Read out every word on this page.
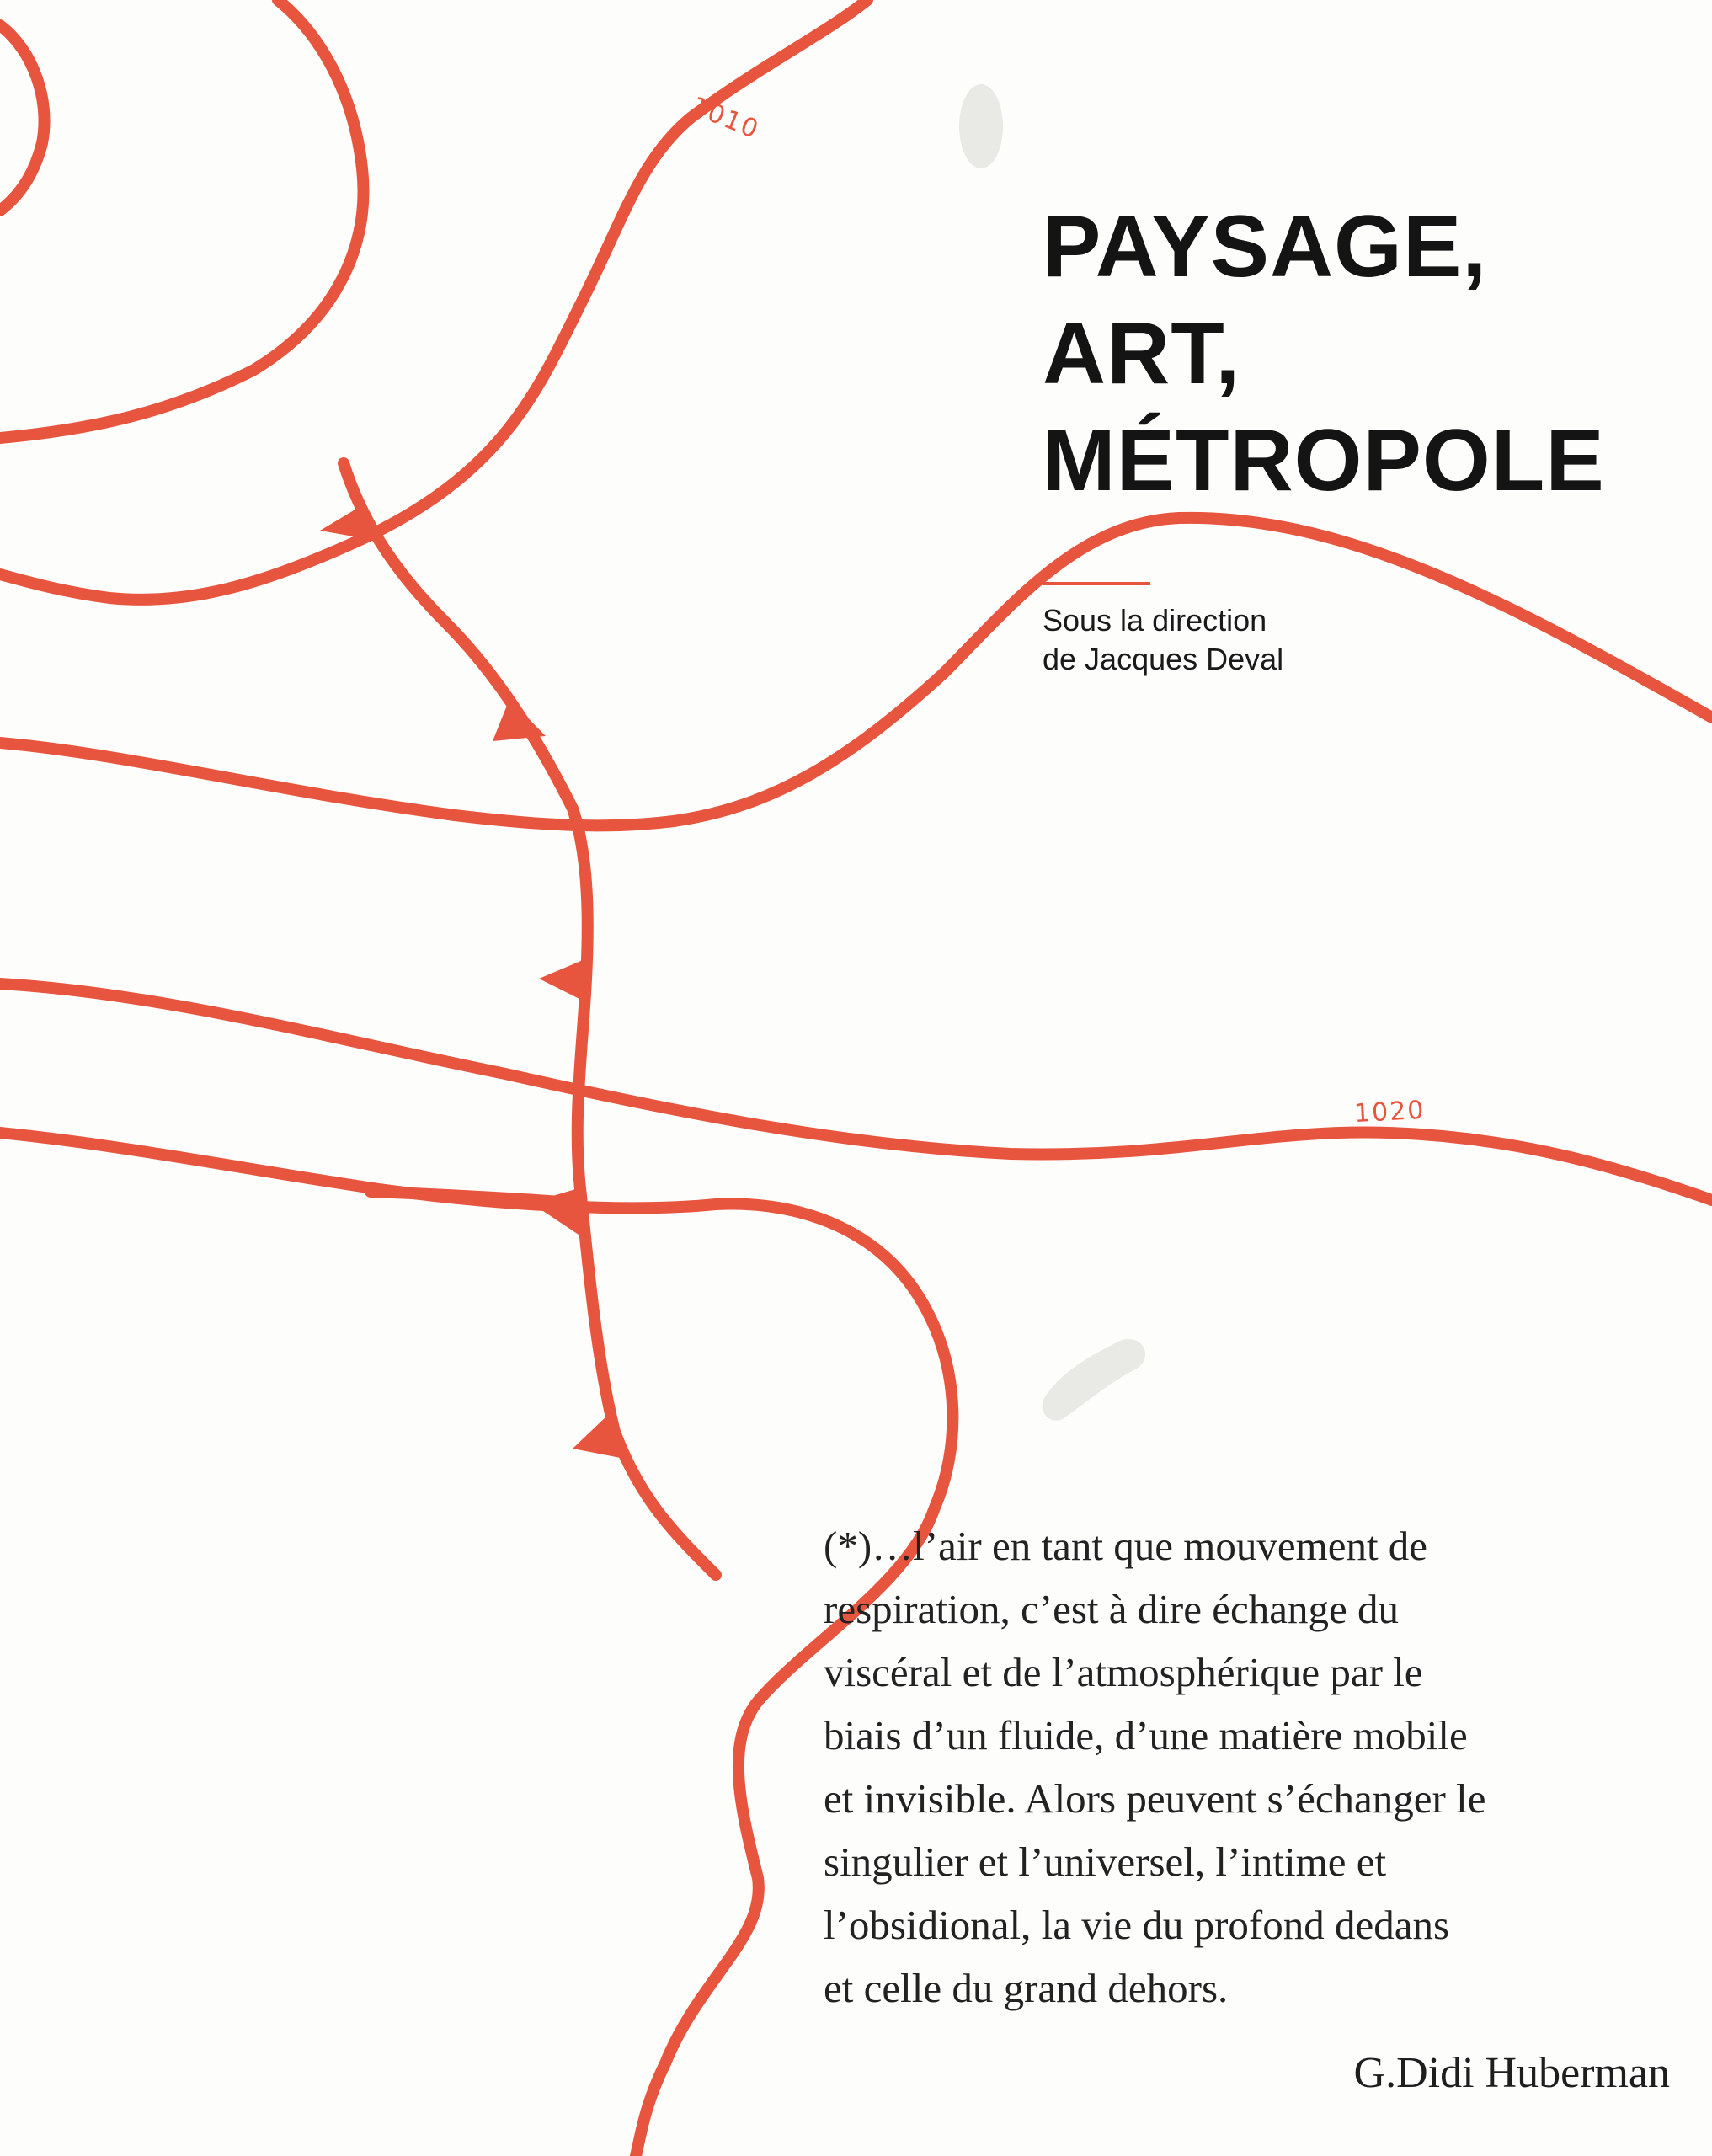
1010
1020
PAYSAGE,
ART,
MÉTROPOLE
Sous la direction
de Jacques Deval
(*)…l’air en tant que mouvement de
respiration, c’est à dire échange du
viscéral et de l’atmosphérique par le
biais d’un fluide, d’une matière mobile
et invisible. Alors peuvent s’échanger le
singulier et l’universel, l’intime et
l’obsidional, la vie du profond dedans
et celle du grand dehors.
G.Didi Huberman
